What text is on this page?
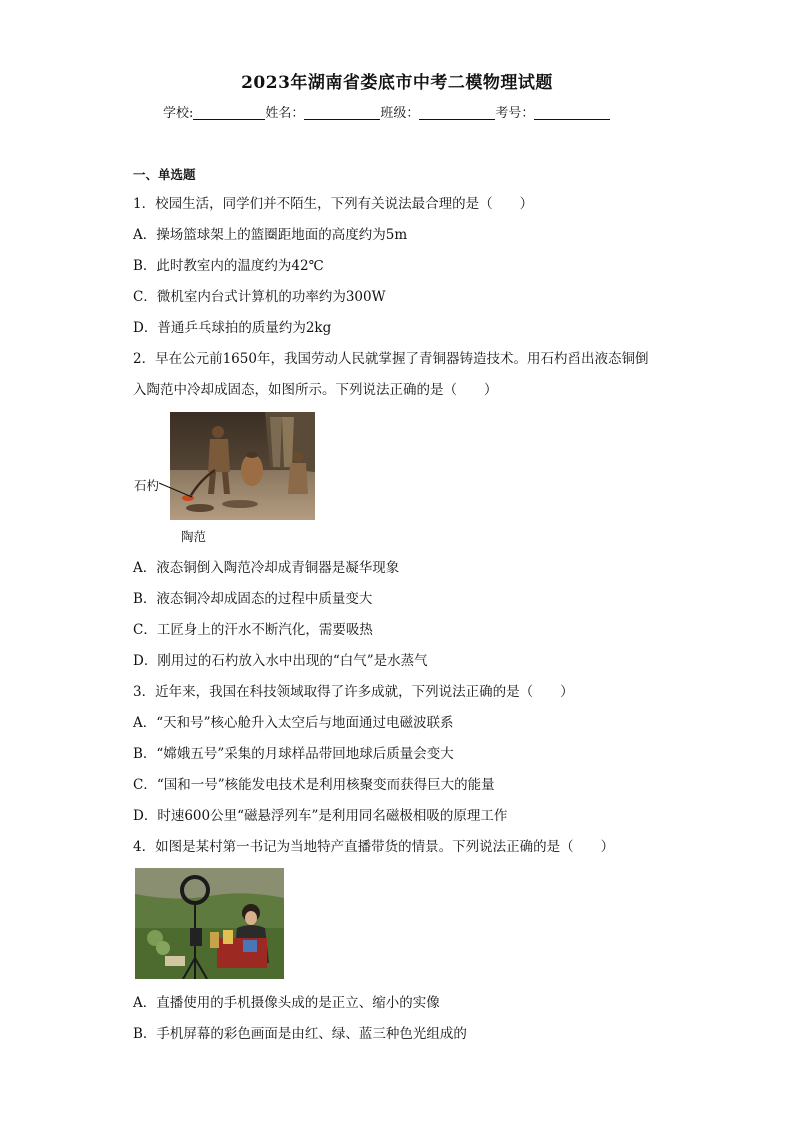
2023年湖南省娄底市中考二模物理试题
学校:	姓名：	班级：	考号：
一、单选题
1．校园生活，同学们并不陌生，下列有关说法最合理的是（　　）
A．操场篮球架上的篮圈距地面的高度约为5m
B．此时教室内的温度约为42℃
C．微机室内台式计算机的功率约为300W
D．普通乒乓球拍的质量约为2kg
2．早在公元前1650年，我国劳动人民就掌握了青铜器铸造技术。用石杓舀出液态铜倒
入陶范中冷却成固态，如图所示。下列说法正确的是（　　）
石杓
陶范
A．液态铜倒入陶范冷却成青铜器是凝华现象
B．液态铜冷却成固态的过程中质量变大
C．工匠身上的汗水不断汽化，需要吸热
D．刚用过的石杓放入水中出现的“白气”是水蒸气
3．近年来，我国在科技领域取得了许多成就，下列说法正确的是（　　）
A．“天和号”核心舱升入太空后与地面通过电磁波联系
B．“嫦娥五号”采集的月球样品带回地球后质量会变大
C．“国和一号”核能发电技术是利用核聚变而获得巨大的能量
D．时速600公里“磁悬浮列车”是利用同名磁极相吸的原理工作
4．如图是某村第一书记为当地特产直播带货的情景。下列说法正确的是（　　）
A．直播使用的手机摄像头成的是正立、缩小的实像
B．手机屏幕的彩色画面是由红、绿、蓝三种色光组成的
